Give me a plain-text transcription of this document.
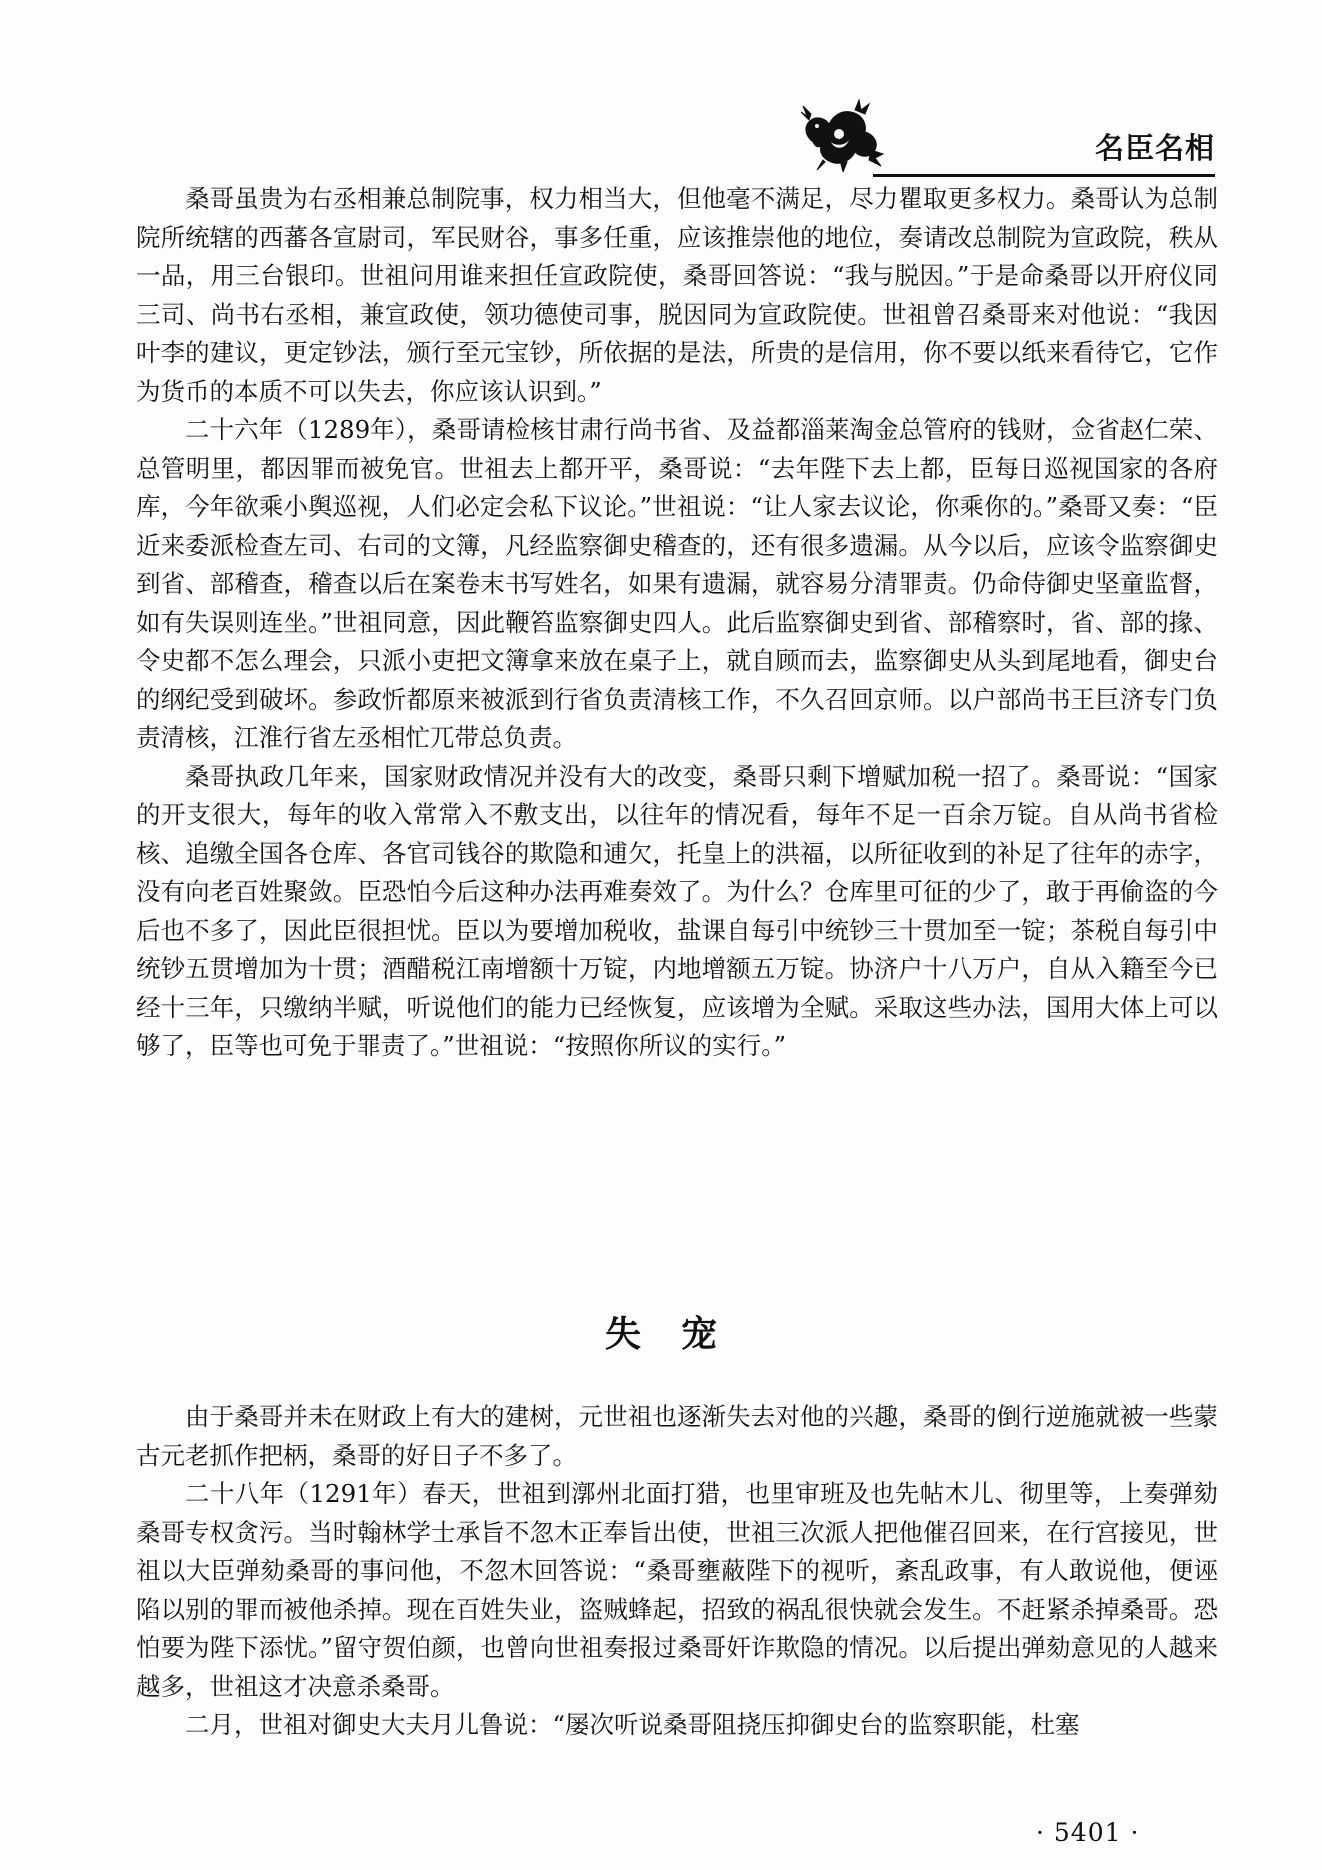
名臣名相

桑哥虽贵为右丞相兼总制院事，权力相当大，但他毫不满足，尽力瞿取更多权力。桑哥认为总制院所统辖的西蕃各宣尉司，军民财谷，事多任重，应该推崇他的地位，奏请改总制院为宣政院，秩从一品，用三台银印。世祖问用谁来担任宣政院使，桑哥回答说：“我与脱因。”于是命桑哥以开府仪同三司、尚书右丞相，兼宣政使，领功德使司事，脱因同为宣政院使。世祖曾召桑哥来对他说：“我因叶李的建议，更定钞法，颁行至元宝钞，所依据的是法，所贵的是信用，你不要以纸来看待它，它作为货币的本质不可以失去，你应该认识到。”

二十六年（1289年），桑哥请检核甘肃行尚书省、及益都淄莱淘金总管府的钱财，佥省赵仁荣、总管明里，都因罪而被免官。世祖去上都开平，桑哥说：“去年陛下去上都，臣每日巡视国家的各府库，今年欲乘小舆巡视，人们必定会私下议论。”世祖说：“让人家去议论，你乘你的。”桑哥又奏：“臣近来委派检查左司、右司的文簿，凡经监察御史稽查的，还有很多遗漏。从今以后，应该令监察御史到省、部稽查，稽查以后在案卷末书写姓名，如果有遗漏，就容易分清罪责。仍命侍御史坚童监督，如有失误则连坐。”世祖同意，因此鞭笞监察御史四人。此后监察御史到省、部稽察时，省、部的掾、令史都不怎么理会，只派小吏把文簿拿来放在桌子上，就自顾而去，监察御史从头到尾地看，御史台的纲纪受到破坏。参政忻都原来被派到行省负责清核工作，不久召回京师。以户部尚书王巨济专门负责清核，江淮行省左丞相忙兀带总负责。

桑哥执政几年来，国家财政情况并没有大的改变，桑哥只剩下增赋加税一招了。桑哥说：“国家的开支很大，每年的收入常常入不敷支出，以往年的情况看，每年不足一百余万锭。自从尚书省检核、追缴全国各仓库、各官司钱谷的欺隐和逋欠，托皇上的洪福，以所征收到的补足了往年的赤字，没有向老百姓聚敛。臣恐怕今后这种办法再难奏效了。为什么？仓库里可征的少了，敢于再偷盗的今后也不多了，因此臣很担忧。臣以为要增加税收，盐课自每引中统钞三十贯加至一锭；茶税自每引中统钞五贯增加为十贯；酒醋税江南增额十万锭，内地增额五万锭。协济户十八万户，自从入籍至今已经十三年，只缴纳半赋，听说他们的能力已经恢复，应该增为全赋。采取这些办法，国用大体上可以够了，臣等也可免于罪责了。”世祖说：“按照你所议的实行。”

失宠

由于桑哥并未在财政上有大的建树，元世祖也逐渐失去对他的兴趣，桑哥的倒行逆施就被一些蒙古元老抓作把柄，桑哥的好日子不多了。

二十八年（1291年）春天，世祖到漷州北面打猎，也里审班及也先帖木儿、彻里等，上奏弹劾桑哥专权贪污。当时翰林学士承旨不忽木正奉旨出使，世祖三次派人把他催召回来，在行宫接见，世祖以大臣弹劾桑哥的事问他，不忽木回答说：“桑哥壅蔽陛下的视听，紊乱政事，有人敢说他，便诬陷以别的罪而被他杀掉。现在百姓失业，盗贼蜂起，招致的祸乱很快就会发生。不赶紧杀掉桑哥。恐怕要为陛下添忧。”留守贺伯颜，也曾向世祖奏报过桑哥奸诈欺隐的情况。以后提出弹劾意见的人越来越多，世祖这才决意杀桑哥。

二月，世祖对御史大夫月儿鲁说：“屡次听说桑哥阻挠压抑御史台的监察职能，杜塞

· 5401 ·
